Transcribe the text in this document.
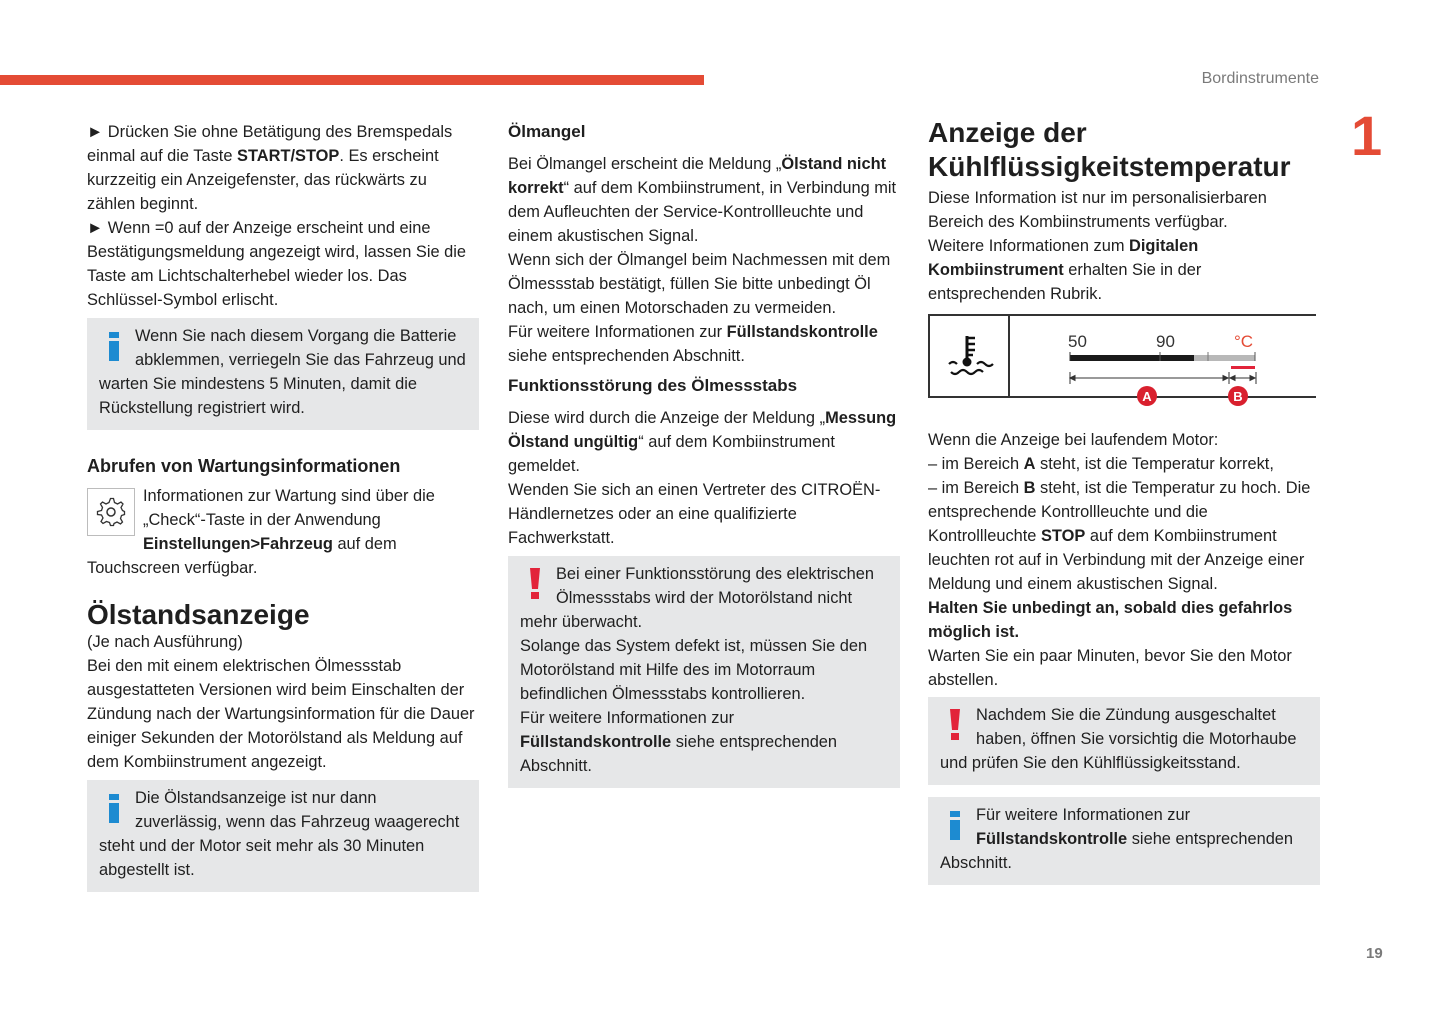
Bordinstrumente
1

► Drücken Sie ohne Betätigung des Bremspedals einmal auf die Taste START/STOP. Es erscheint kurzzeitig ein Anzeigefenster, das rückwärts zu zählen beginnt.

► Wenn =0 auf der Anzeige erscheint und eine Bestätigungsmeldung angezeigt wird, lassen Sie die Taste am Lichtschalterhebel wieder los. Das Schlüssel-Symbol erlischt.

Wenn Sie nach diesem Vorgang die Batterie abklemmen, verriegeln Sie das Fahrzeug und warten Sie mindestens 5 Minuten, damit die Rückstellung registriert wird.
Abrufen von Wartungsinformationen
Informationen zur Wartung sind über die „Check“-Taste in der Anwendung Einstellungen>Fahrzeug auf dem Touchscreen verfügbar.
Ölstandsanzeige

(Je nach Ausführung)

Bei den mit einem elektrischen Ölmessstab ausgestatteten Versionen wird beim Einschalten der Zündung nach der Wartungsinformation für die Dauer einiger Sekunden der Motorölstand als Meldung auf dem Kombiinstrument angezeigt.

Die Ölstandsanzeige ist nur dann zuverlässig, wenn das Fahrzeug waagerecht steht und der Motor seit mehr als 30 Minuten abgestellt ist.
Ölmangel

Bei Ölmangel erscheint die Meldung „Ölstand nicht korrekt“ auf dem Kombiinstrument, in Verbindung mit dem Aufleuchten der Service-Kontrollleuchte und einem akustischen Signal.

Wenn sich der Ölmangel beim Nachmessen mit dem Ölmessstab bestätigt, füllen Sie bitte unbedingt Öl nach, um einen Motorschaden zu vermeiden.

Für weitere Informationen zur Füllstandskontrolle siehe entsprechenden Abschnitt.

Funktionsstörung des Ölmessstabs

Diese wird durch die Anzeige der Meldung „Messung Ölstand ungültig“ auf dem Kombiinstrument gemeldet.

Wenden Sie sich an einen Vertreter des CITROËN-Händlernetzes oder an eine qualifizierte Fachwerkstatt.

Bei einer Funktionsstörung des elektrischen Ölmessstabs wird der Motorölstand nicht mehr überwacht.
Solange das System defekt ist, müssen Sie den Motorölstand mit Hilfe des im Motorraum befindlichen Ölmessstabs kontrollieren.
Für weitere Informationen zur Füllstandskontrolle siehe entsprechenden Abschnitt.
Anzeige der Kühlflüssigkeitstemperatur

Diese Information ist nur im personalisierbaren Bereich des Kombiinstruments verfügbar.

Weitere Informationen zum Digitalen Kombiinstrument erhalten Sie in der entsprechenden Rubrik.

50	90	°C
A	B

Wenn die Anzeige bei laufendem Motor:

– im Bereich A steht, ist die Temperatur korrekt,

– im Bereich B steht, ist die Temperatur zu hoch. Die entsprechende Kontrollleuchte und die Kontrollleuchte STOP auf dem Kombiinstrument leuchten rot auf in Verbindung mit der Anzeige einer Meldung und einem akustischen Signal.

Halten Sie unbedingt an, sobald dies gefahrlos möglich ist.

Warten Sie ein paar Minuten, bevor Sie den Motor abstellen.

Nachdem Sie die Zündung ausgeschaltet haben, öffnen Sie vorsichtig die Motorhaube und prüfen Sie den Kühlflüssigkeitsstand.
Für weitere Informationen zur Füllstandskontrolle siehe entsprechenden Abschnitt.
19
